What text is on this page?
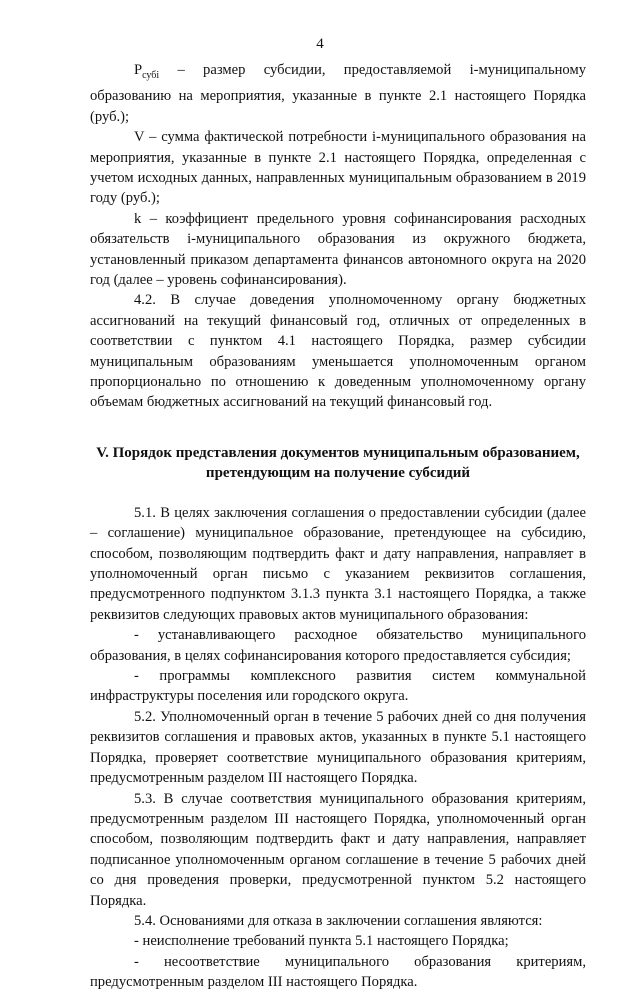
4

$Р_{субi}$ – размер субсидии, предоставляемой i-муниципальному образованию на мероприятия, указанные в пункте 2.1 настоящего Порядка (руб.);

V – сумма фактической потребности i-муниципального образования на мероприятия, указанные в пункте 2.1 настоящего Порядка, определенная с учетом исходных данных, направленных муниципальным образованием в 2019 году (руб.);

k – коэффициент предельного уровня софинансирования расходных обязательств i-муниципального образования из окружного бюджета, установленный приказом департамента финансов автономного округа на 2020 год (далее – уровень софинансирования).

4.2. В случае доведения уполномоченному органу бюджетных ассигнований на текущий финансовый год, отличных от определенных в соответствии с пунктом 4.1 настоящего Порядка, размер субсидии муниципальным образованиям уменьшается уполномоченным органом пропорционально по отношению к доведенным уполномоченному органу объемам бюджетных ассигнований на текущий финансовый год.

V. Порядок представления документов муниципальным образованием,
претендующим на получение субсидий

5.1. В целях заключения соглашения о предоставлении субсидии (далее – соглашение) муниципальное образование, претендующее на субсидию, способом, позволяющим подтвердить факт и дату направления, направляет в уполномоченный орган письмо с указанием реквизитов соглашения, предусмотренного подпунктом 3.1.3 пункта 3.1 настоящего Порядка, а также реквизитов следующих правовых актов муниципального образования:

- устанавливающего расходное обязательство муниципального образования, в целях софинансирования которого предоставляется субсидия;

- программы комплексного развития систем коммунальной инфраструктуры поселения или городского округа.

5.2. Уполномоченный орган в течение 5 рабочих дней со дня получения реквизитов соглашения и правовых актов, указанных в пункте 5.1 настоящего Порядка, проверяет соответствие муниципального образования критериям, предусмотренным разделом III настоящего Порядка.

5.3. В случае соответствия муниципального образования критериям, предусмотренным разделом III настоящего Порядка, уполномоченный орган способом, позволяющим подтвердить факт и дату направления, направляет подписанное уполномоченным органом соглашение в течение 5 рабочих дней со дня проведения проверки, предусмотренной пунктом 5.2 настоящего Порядка.

5.4. Основаниями для отказа в заключении соглашения являются:

- неисполнение требований пункта 5.1 настоящего Порядка;

- несоответствие муниципального образования критериям, предусмотренным разделом III настоящего Порядка.
